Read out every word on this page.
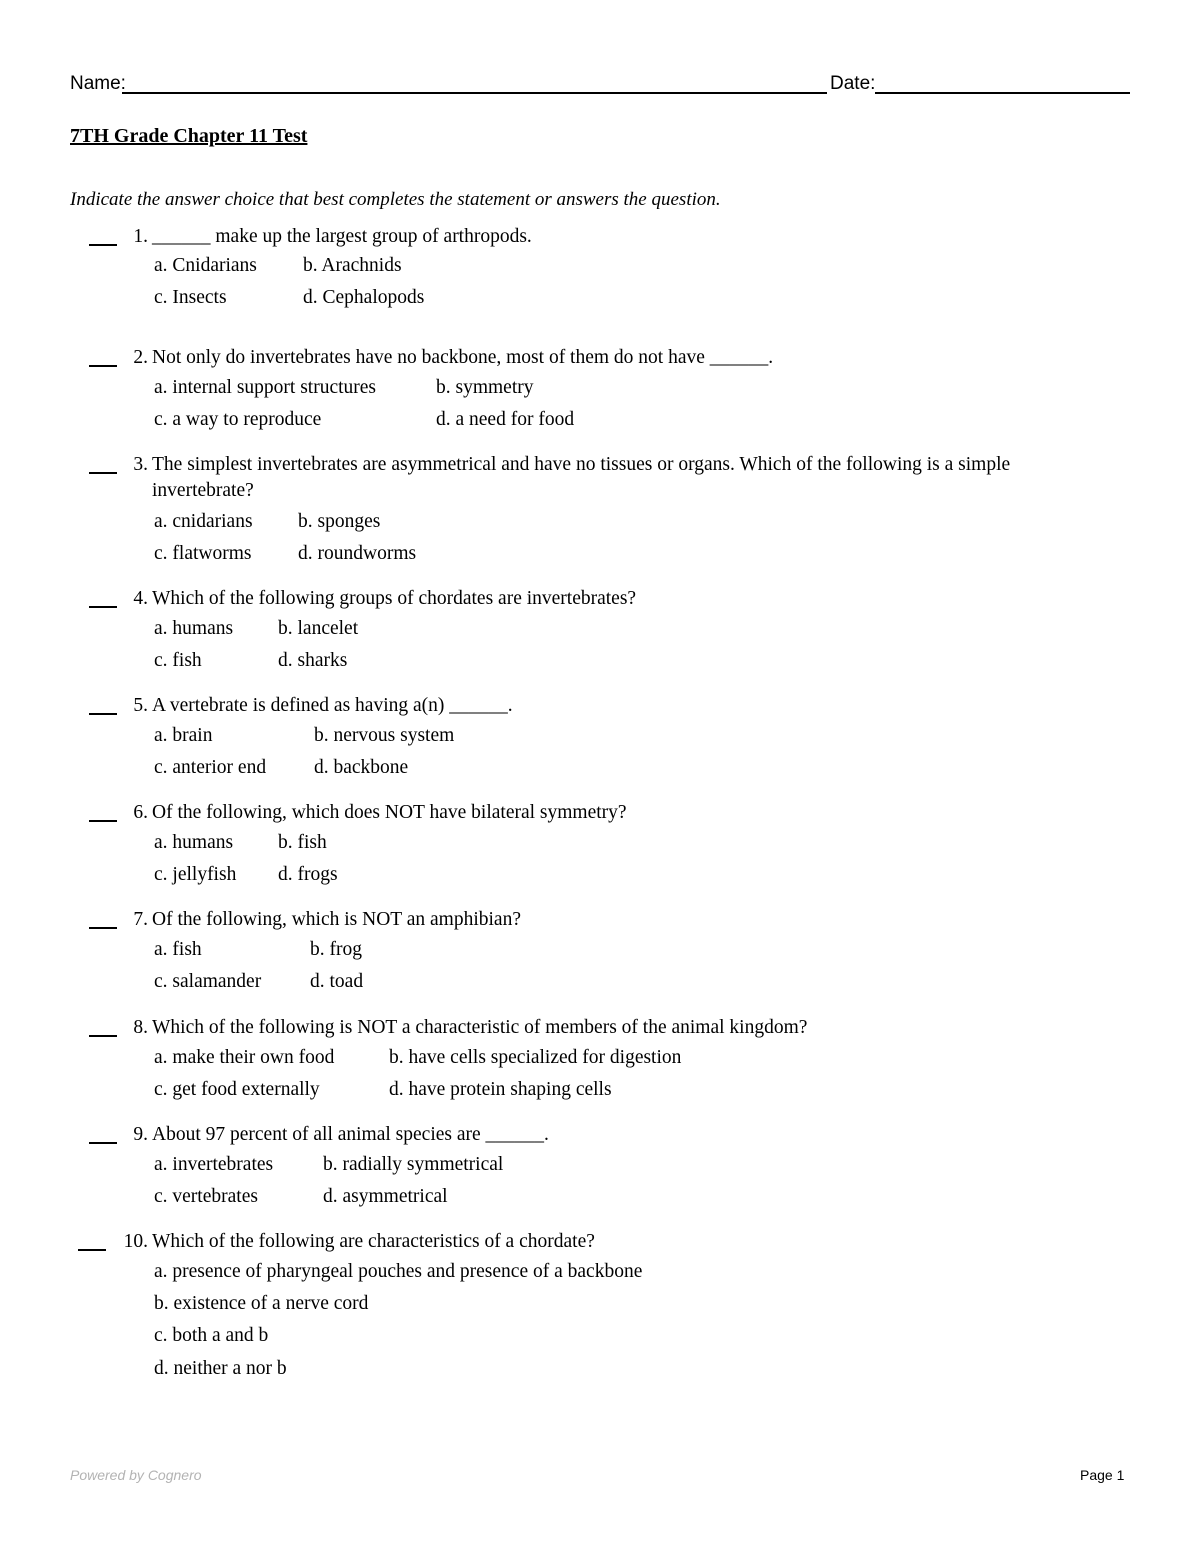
Name:	Date:
7TH Grade Chapter 11 Test
Indicate the answer choice that best completes the statement or answers the question.
1. ______ make up the largest group of arthropods.
a. Cnidarians b. Arachnids
c. Insects	d. Cephalopods
2. Not only do invertebrates have no backbone, most of them do not have ______.
a. internal support structures	b. symmetry
c. a way to reproduce	d. a need for food
3. The simplest invertebrates are asymmetrical and have no tissues or organs. Which of the following is a simple
invertebrate?
a. cnidarians b. sponges
c. flatworms d. roundworms
4. Which of the following groups of chordates are invertebrates?
a. humans b. lancelet
c. fish	d. sharks
5. A vertebrate is defined as having a(n) ______.
a. brain	b. nervous system
c. anterior end d. backbone
6. Of the following, which does NOT have bilateral symmetry?
a. humans b. fish
c. jellyfish d. frogs
7. Of the following, which is NOT an amphibian?
a. fish	b. frog
c. salamander	d. toad
8. Which of the following is NOT a characteristic of members of the animal kingdom?
a. make their own food	b. have cells specialized for digestion
c. get food externally	d. have protein shaping cells
9. About 97 percent of all animal species are ______.
a. invertebrates	b. radially symmetrical
c. vertebrates	d. asymmetrical
10. Which of the following are characteristics of a chordate?
a. presence of pharyngeal pouches and presence of a backbone
b. existence of a nerve cord
c. both a and b
d. neither a nor b
Powered by Cognero	Page 1
